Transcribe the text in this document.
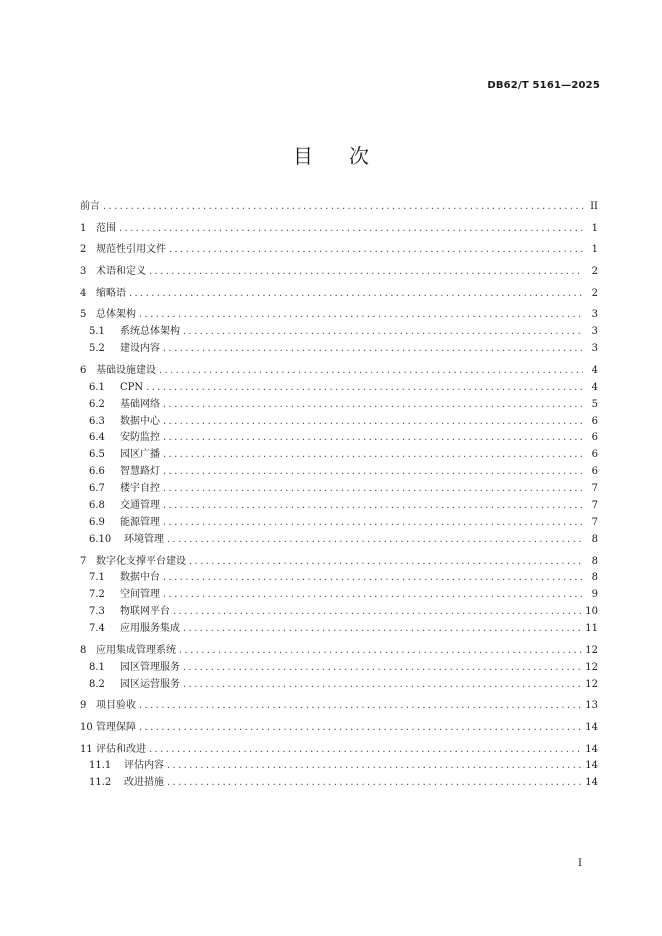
DB62/T 5161—2025
目 次
前言 . . .	II
1 范围 . . .	1
2 规范性引用文件 . . .	1
3 术语和定义 . . .	2
4 缩略语 . . .	2
5 总体架构 . . .	3
5.1	系统总体架构 . . .	3
5.2	建设内容 . . .	3
6 基础设施建设 . . .	4
6.1	CPN . . .	4
6.2	基础网络 . . .	5
6.3	数据中心 . . .	6
6.4	安防监控 . . .	6
6.5	园区广播 . . .	6
6.6	智慧路灯 . . .	6
6.7	楼宇自控 . . .	7
6.8	交通管理 . . .	7
6.9	能源管理 . . .	7
6.10	环境管理 . . .	8
7 数字化支撑平台建设 . . .	8
7.1	数据中台 . . .	8
7.2	空间管理 . . .	9
7.3	物联网平台 . . .	10
7.4	应用服务集成 . . .	11
8 应用集成管理系统 . . .	12
8.1	园区管理服务 . . .	12
8.2	园区运营服务 . . .	12
9 项目验收 . . .	13
10 管理保障 . . .	14
11 评估和改进 . . .	14
11.1	评估内容 . . .	14
11.2	改进措施 . . .	14
I
